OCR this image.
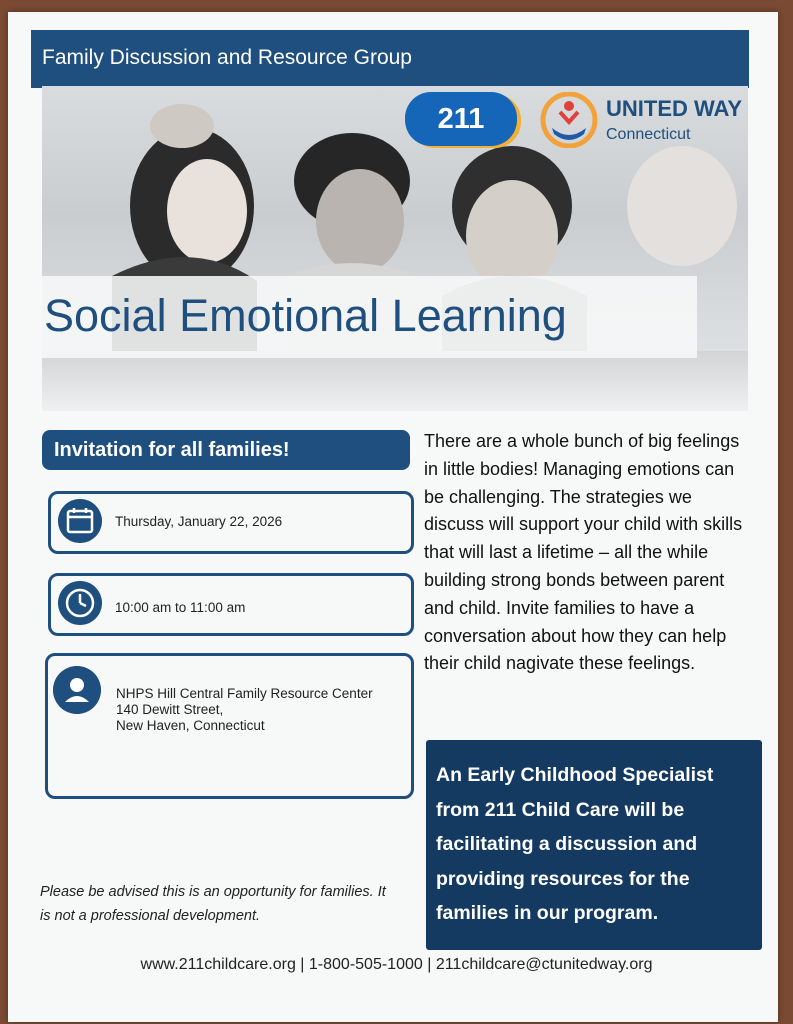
Family Discussion and Resource Group
Social Emotional Learning
211	UNITED WAY
Connecticut
Invitation for all families!
Thursday, January 22, 2026
10:00 am to 11:00 am
NHPS Hill Central Family Resource Center
140 Dewitt Street,
New Haven, Connecticut
There are a whole bunch of big feelings in little bodies! Managing emotions can be challenging. The strategies we discuss will support your child with skills that will last a lifetime – all the while building strong bonds between parent and child. Invite families to have a conversation about how they can help their child nagivate these feelings.
An Early Childhood Specialist from 211 Child Care will be facilitating a discussion and providing resources for the families in our program.
Please be advised this is an opportunity for families. It is not a professional development.
www.211childcare.org | 1-800-505-1000 | 211childcare@ctunitedway.org
